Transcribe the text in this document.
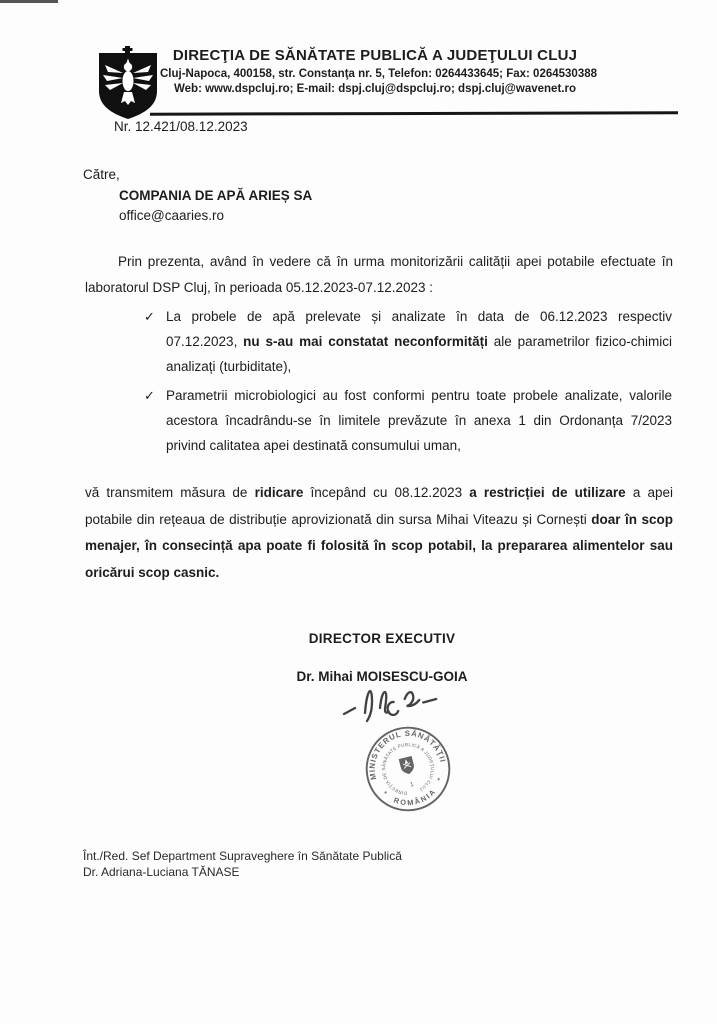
DIRECŢIA DE SĂNĂTATE PUBLICĂ A JUDEŢULUI CLUJ
Cluj-Napoca, 400158, str. Constanţa nr. 5, Telefon: 0264433645; Fax: 0264530388
Web: www.dspcluj.ro; E-mail: dspj.cluj@dspcluj.ro; dspj.cluj@wavenet.ro
Nr. 12.421/08.12.2023
Către,
COMPANIA DE APĂ ARIEȘ SA
office@caaries.ro

Prin prezenta, având în vedere că în urma monitorizării calității apei potabile efectuate în laboratorul DSP Cluj, în perioada 05.12.2023-07.12.2023 :

✓ La probele de apă prelevate și analizate în data de 06.12.2023 respectiv 07.12.2023, nu s-au mai constatat neconformități ale parametrilor fizico-chimici analizați (turbiditate),
✓ Parametrii microbiologici au fost conformi pentru toate probele analizate, valorile acestora încadrându-se în limitele prevăzute în anexa 1 din Ordonanța 7/2023 privind calitatea apei destinată consumului uman,

vă transmitem măsura de ridicare începând cu 08.12.2023 a restricției de utilizare a apei potabile din rețeaua de distribuție aprovizionată din sursa Mihai Viteazu și Cornești doar în scop menajer, în consecință apa poate fi folosită în scop potabil, la prepararea alimentelor sau oricărui scop casnic.

DIRECTOR EXECUTIV
Dr. Mihai MOISESCU-GOIA
MINISTERUL SĂNĂTĂŢII
ROMÂNIA
DIRECŢIA DE SĂNĂTATE PUBLICĂ A JUDEŢULUI CLUJ
1
✶
✶
Înt./Red. Sef Department Supraveghere în Sănătate Publică
Dr. Adriana-Luciana TĂNASE
